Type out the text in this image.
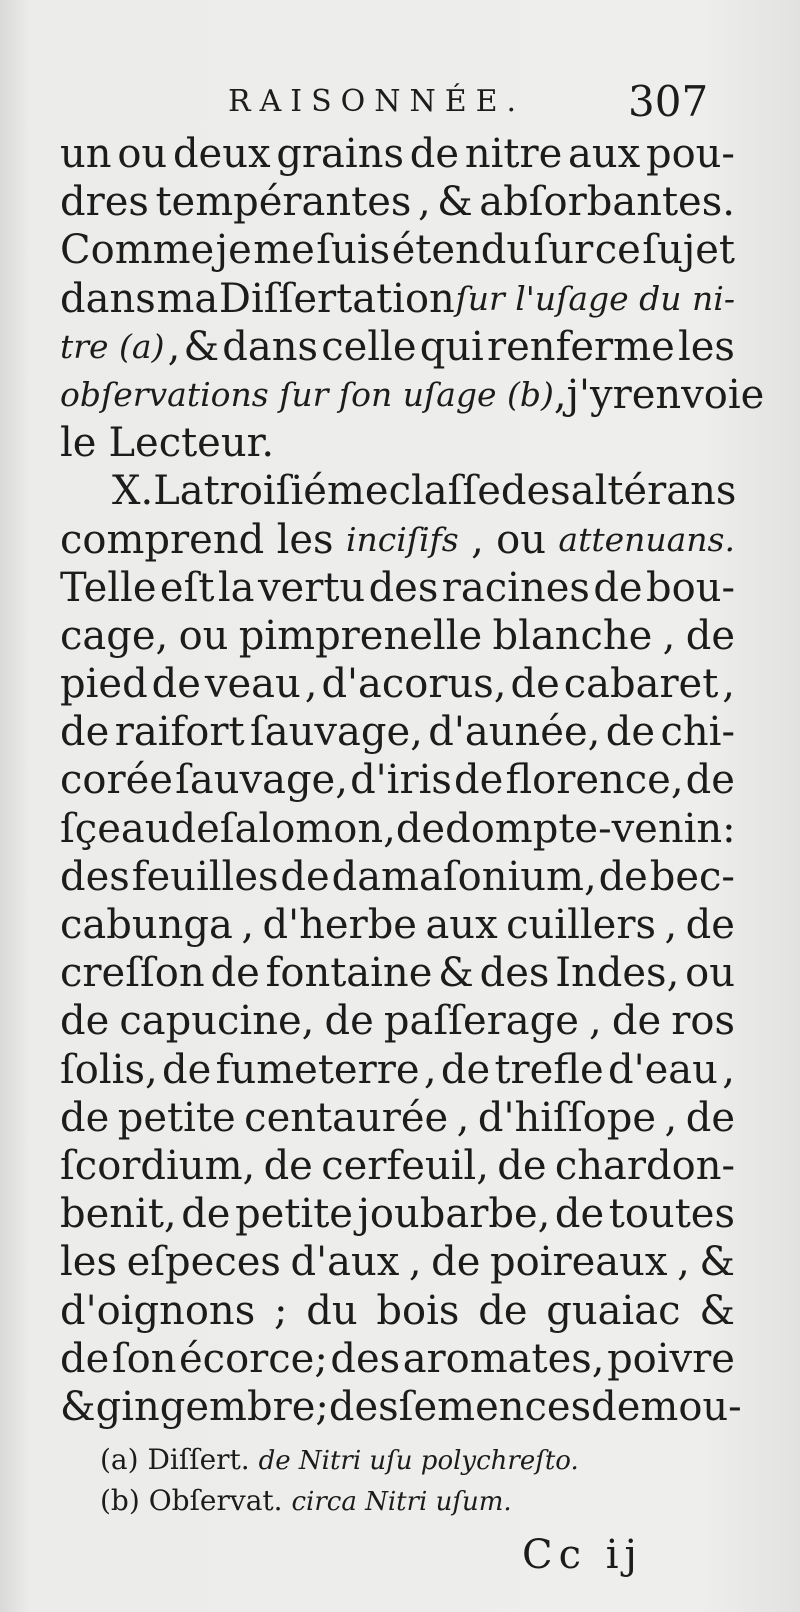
RAISONNÉE. 307
un ou deux grains de nitre aux pou-
dres tempérantes , & abſorbantes.
Comme je me ſuis étendu ſur ce ſujet
dans ma Diſſertation ſur l'uſage du ni-
tre (a) , & dans celle qui renferme les
obſervations ſur ſon uſage (b) , j'y renvoie
le Lecteur.
X. La troiſiéme claſſe des altérans
comprend les inciſifs , ou attenuans.
Telle eſt la vertu des racines de bou-
cage, ou pimprenelle blanche , de
pied de veau , d'acorus, de cabaret ,
de raifort ſauvage, d'aunée, de chi-
corée ſauvage, d'iris de florence, de
ſçeau de ſalomon , de dompte-venin :
des feuilles de damaſonium, de bec-
cabunga , d'herbe aux cuillers , de
creſſon de fontaine & des Indes, ou
de capucine, de paſſerage , de ros
ſolis, de fumeterre , de trefle d'eau ,
de petite centaurée , d'hiſſope , de
ſcordium, de cerfeuil, de chardon-
benit, de petite joubarbe, de toutes
les eſpeces d'aux , de poireaux , &
d'oignons ; du bois de guaiac &
de ſon écorce; des aromates, poivre
& gingembre; des ſemences de mou-
(a) Diſſert. de Nitri uſu polychreſto.
(b) Obſervat. circa Nitri uſum.
Cc ij
